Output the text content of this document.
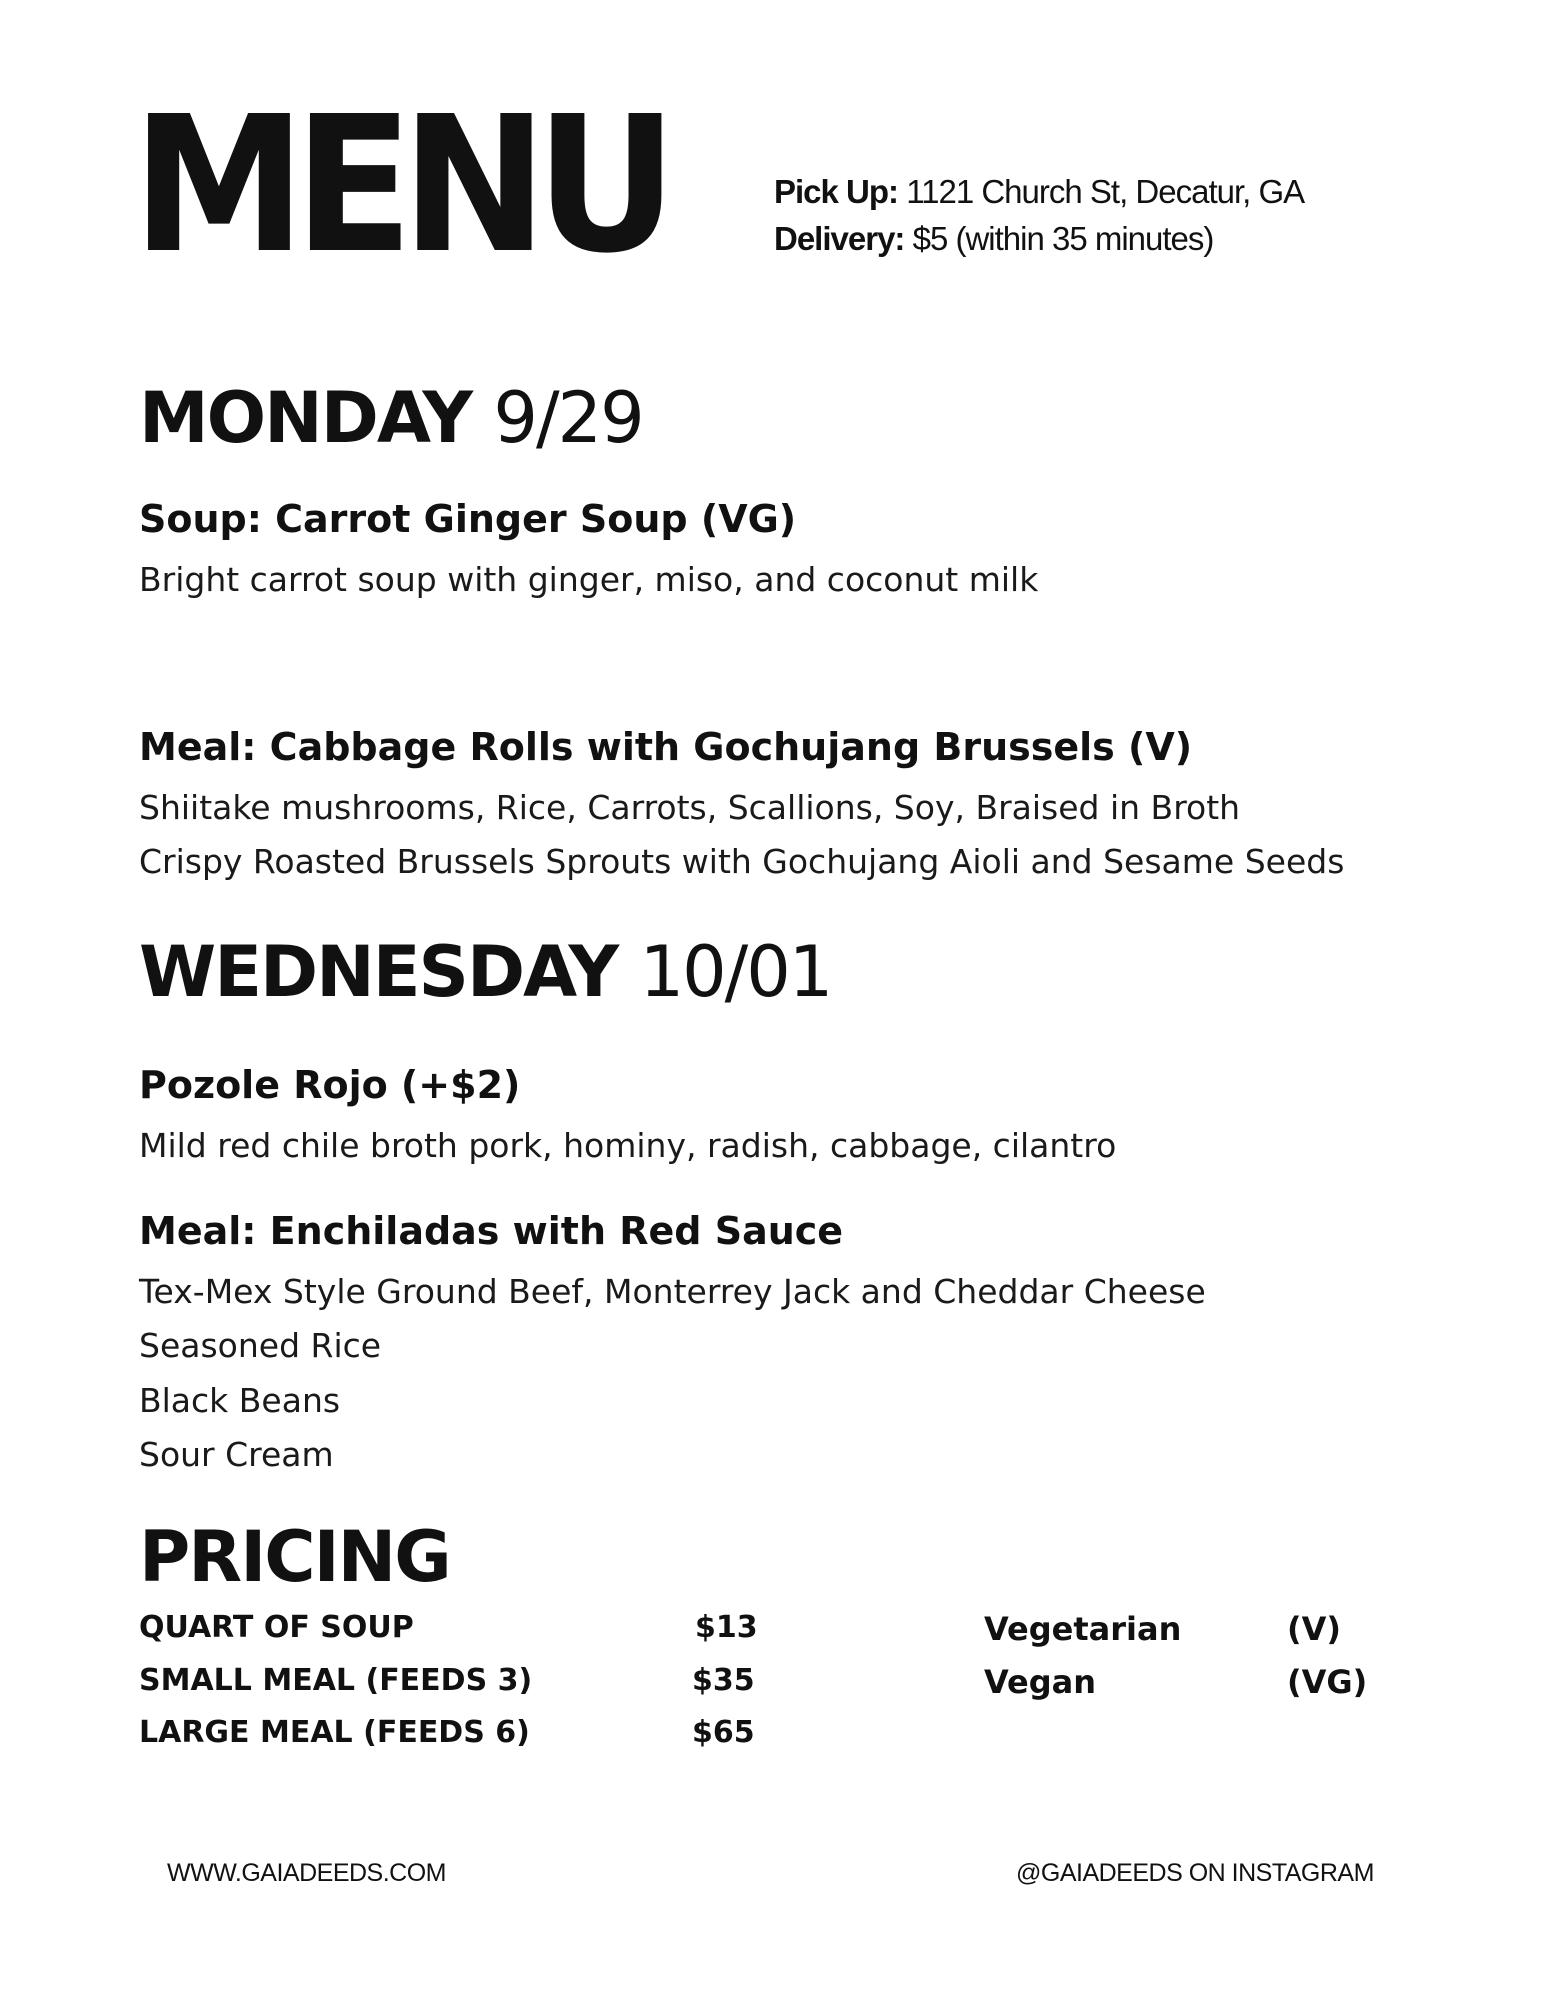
MENU	Pick Up: 1121 Church St, Decatur, GA
Delivery: $5 (within 35 minutes)
MONDAY 9/29
Soup: Carrot Ginger Soup (VG)
Bright carrot soup with ginger, miso, and coconut milk
Meal: Cabbage Rolls with Gochujang Brussels (V)
Shiitake mushrooms, Rice, Carrots, Scallions, Soy, Braised in Broth
Crispy Roasted Brussels Sprouts with Gochujang Aioli and Sesame Seeds
WEDNESDAY 10/01
Pozole Rojo (+$2)
Mild red chile broth pork, hominy, radish, cabbage, cilantro
Meal: Enchiladas with Red Sauce
Tex-Mex Style Ground Beef, Monterrey Jack and Cheddar Cheese
Seasoned Rice
Black Beans
Sour Cream
PRICING
QUART OF SOUP	$13
SMALL MEAL (FEEDS 3)	$35
LARGE MEAL (FEEDS 6)	$65
Vegetarian	(V)
Vegan	(VG)
WWW.GAIADEEDS.COM	@GAIADEEDS ON INSTAGRAM
